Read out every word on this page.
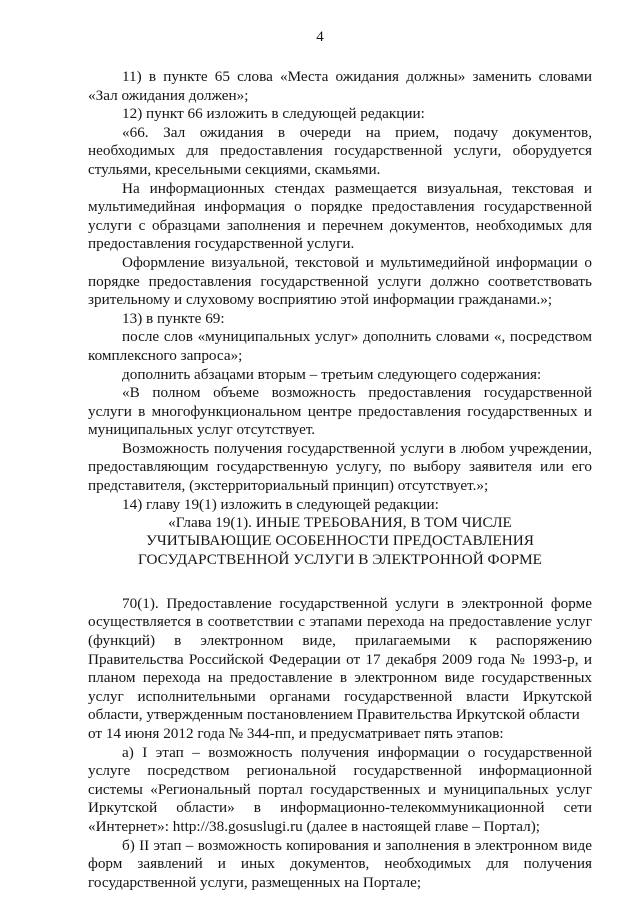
4

11) в пункте 65 слова «Места ожидания должны» заменить словами «Зал ожидания должен»;

12) пункт 66 изложить в следующей редакции:

«66. Зал ожидания в очереди на прием, подачу документов, необходимых для предоставления государственной услуги, оборудуется стульями, кресельными секциями, скамьями.

На информационных стендах размещается визуальная, текстовая и мультимедийная информация о порядке предоставления государственной услуги с образцами заполнения и перечнем документов, необходимых для предоставления государственной услуги.

Оформление визуальной, текстовой и мультимедийной информации о порядке предоставления государственной услуги должно соответствовать зрительному и слуховому восприятию этой информации гражданами.»;

13) в пункте 69:

после слов «муниципальных услуг» дополнить словами «, посредством комплексного запроса»;

дополнить абзацами вторым – третьим следующего содержания:

«В полном объеме возможность предоставления государственной услуги в многофункциональном центре предоставления государственных и муниципальных услуг отсутствует.

Возможность получения государственной услуги в любом учреждении, предоставляющим государственную услугу, по выбору заявителя или его представителя, (экстерриториальный принцип) отсутствует.»;

14) главу 19(1) изложить в следующей редакции:

«Глава 19(1). ИНЫЕ ТРЕБОВАНИЯ, В ТОМ ЧИСЛЕ
УЧИТЫВАЮЩИЕ ОСОБЕННОСТИ ПРЕДОСТАВЛЕНИЯ
ГОСУДАРСТВЕННОЙ УСЛУГИ В ЭЛЕКТРОННОЙ ФОРМЕ

70(1). Предоставление государственной услуги в электронной форме осуществляется в соответствии с этапами перехода на предоставление услуг (функций) в электронном виде, прилагаемыми к распоряжению Правительства Российской Федерации от 17 декабря 2009 года № 1993-р, и планом перехода на предоставление в электронном виде государственных услуг исполнительными органами государственной власти Иркутской области, утвержденным постановлением Правительства Иркутской области

от 14 июня 2012 года № 344-пп, и предусматривает пять этапов:

а) I этап – возможность получения информации о государственной услуге посредством региональной государственной информационной системы «Региональный портал государственных и муниципальных услуг Иркутской области» в информационно-телекоммуникационной сети «Интернет»: http://38.gosuslugi.ru (далее в настоящей главе – Портал);

б) II этап – возможность копирования и заполнения в электронном виде форм заявлений и иных документов, необходимых для получения государственной услуги, размещенных на Портале;
